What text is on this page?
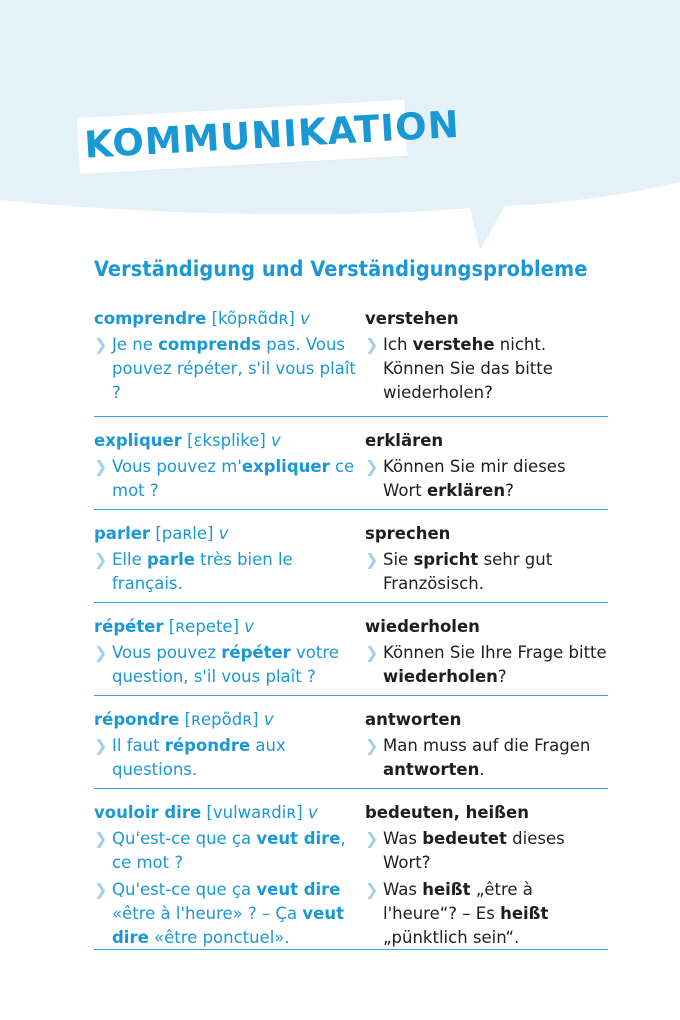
KOMMUNIKATION
Verständigung und Verständigungsprobleme
comprendre [kõpʀɑ̃dʀ] v
❯ Je ne comprends pas. Vous pouvez répéter, s'il vous plaît ?
verstehen
❯ Ich verstehe nicht. Können Sie das bitte wiederholen?
expliquer [ɛksplike] v
❯ Vous pouvez m'expliquer ce mot ?
erklären
❯ Können Sie mir dieses Wort erklären?
parler [paʀle] v
❯ Elle parle très bien le français.
sprechen
❯ Sie spricht sehr gut Französisch.
répéter [ʀepete] v
❯ Vous pouvez répéter votre question, s'il vous plaît ?
wiederholen
❯ Können Sie Ihre Frage bitte wiederholen?
répondre [ʀepõdʀ] v
❯ Il faut répondre aux questions.
antworten
❯ Man muss auf die Fragen antworten.
vouloir dire [vulwaʀdiʀ] v
❯ Qu'est-ce que ça veut dire, ce mot ?
❯ Qu'est-ce que ça veut dire «être à l'heure» ? – Ça veut dire «être ponctuel».
bedeuten, heißen
❯ Was bedeutet dieses Wort?
❯ Was heißt „être à l'heure“? – Es heißt „pünktlich sein“.
